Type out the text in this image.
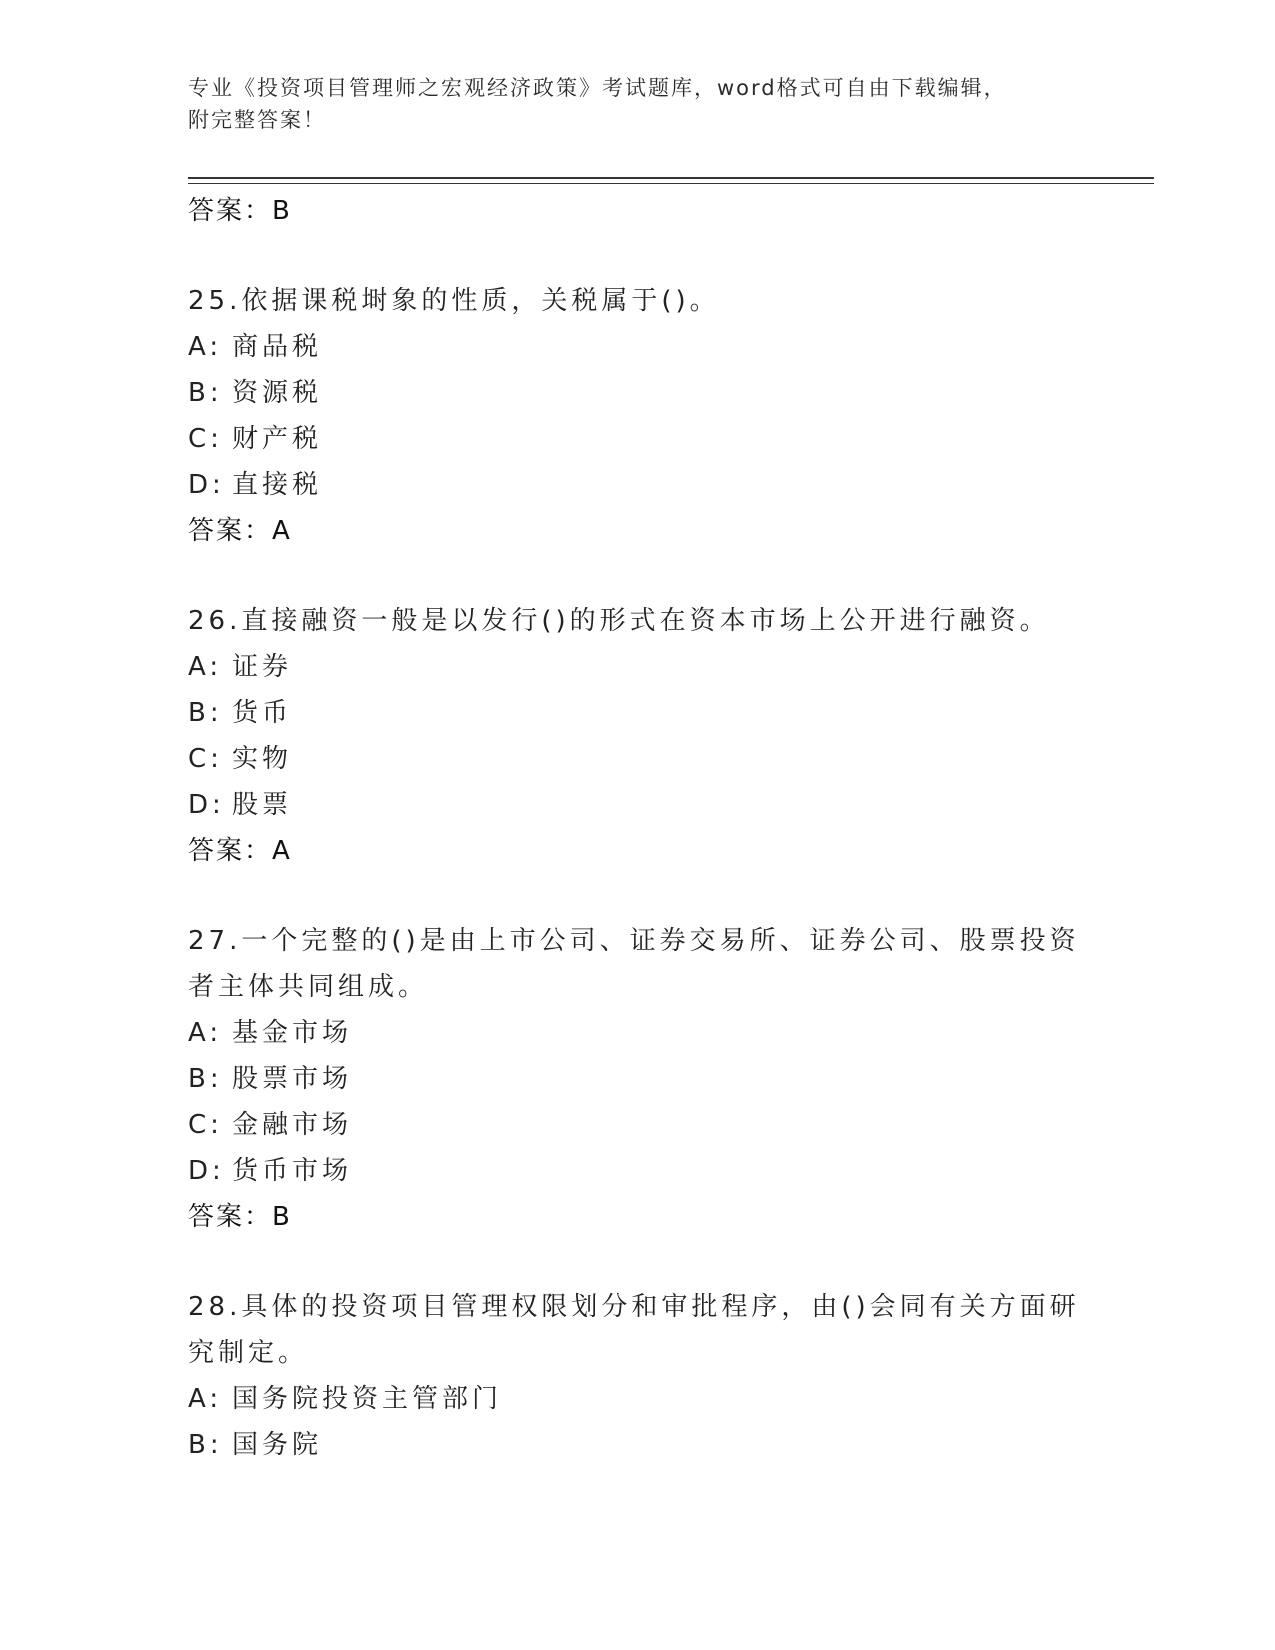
专业《投资项目管理师之宏观经济政策》考试题库，word格式可自由下载编辑，
附完整答案！
答案：B
25.依据课税埘象的性质，关税属于()。
A: 商品税
B: 资源税
C: 财产税
D: 直接税
答案：A
26.直接融资一般是以发行()的形式在资本市场上公开进行融资。
A: 证券
B: 货币
C: 实物
D: 股票
答案：A
27.一个完整的()是由上市公司、证券交易所、证券公司、股票投资者主体共同组成。
A: 基金市场
B: 股票市场
C: 金融市场
D: 货币市场
答案：B
28.具体的投资项目管理权限划分和审批程序，由()会同有关方面研究制定。
A: 国务院投资主管部门
B: 国务院
